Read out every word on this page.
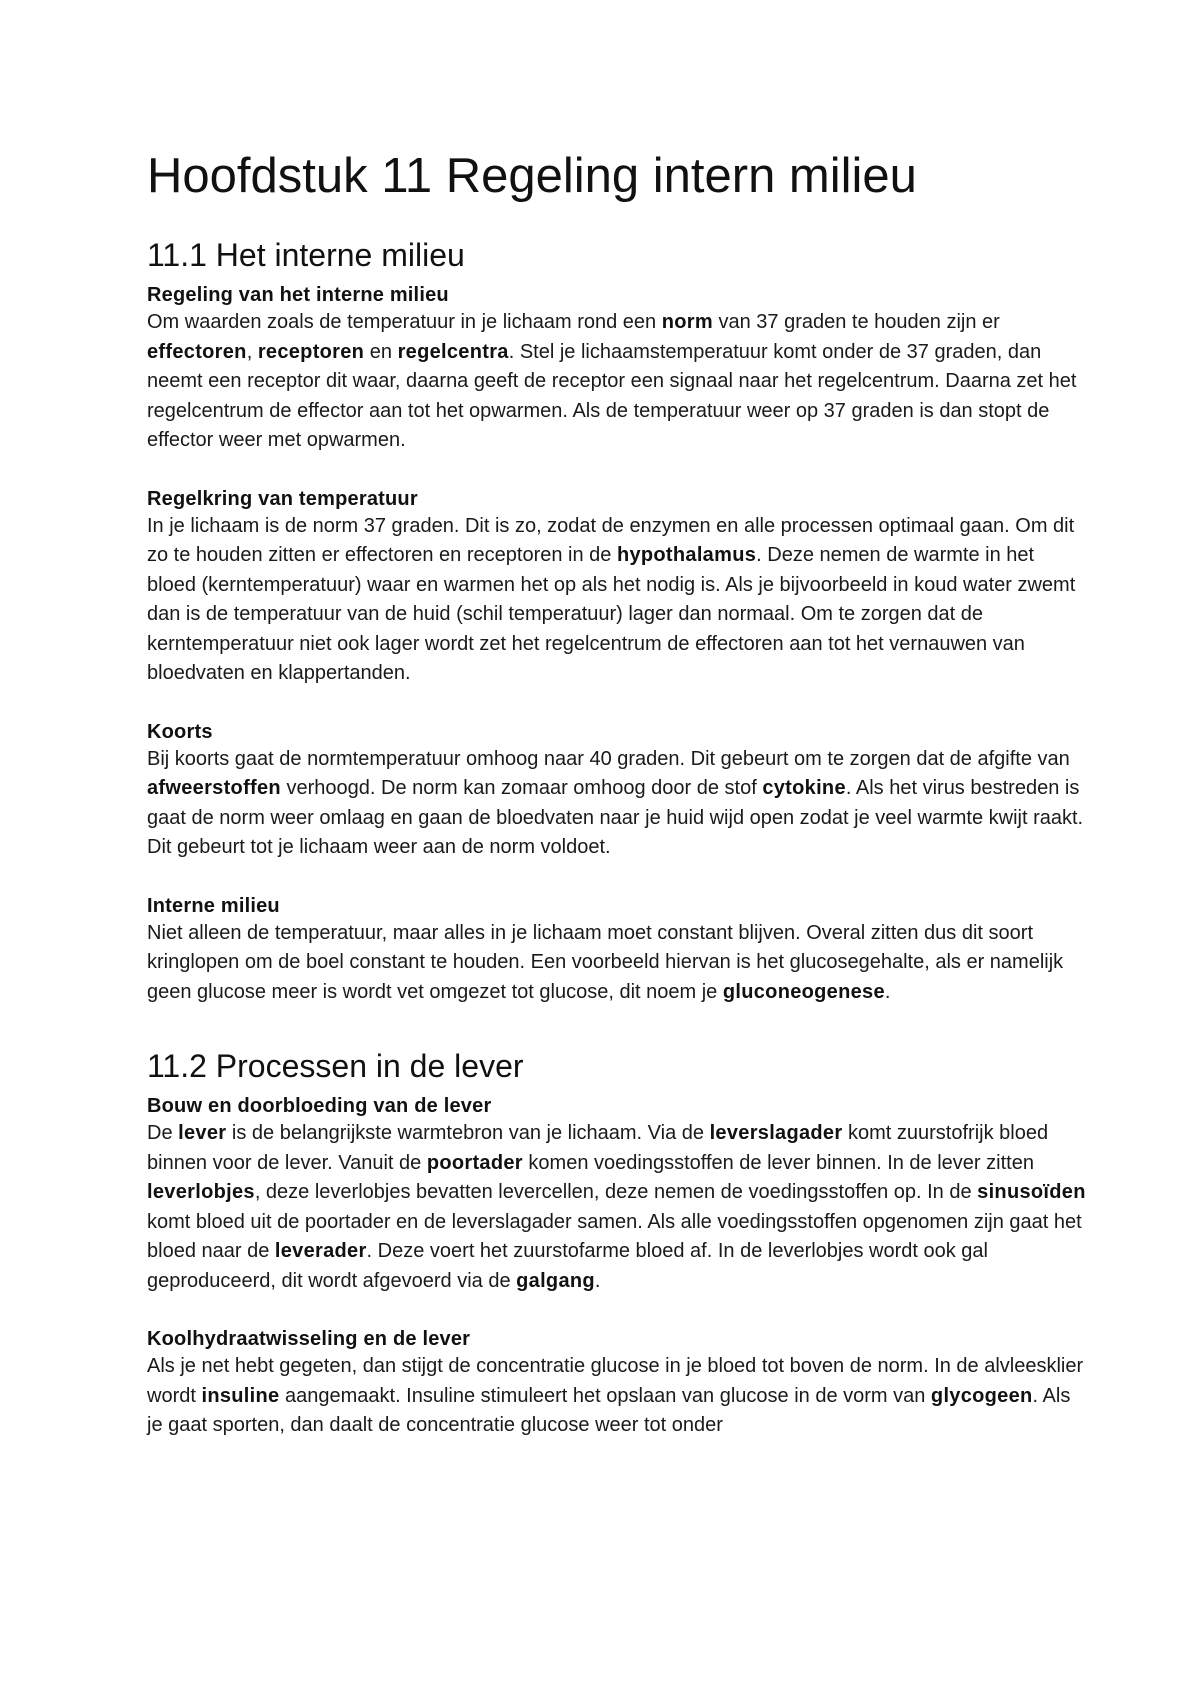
Hoofdstuk 11 Regeling intern milieu
11.1 Het interne milieu
Regeling van het interne milieu

Om waarden zoals de temperatuur in je lichaam rond een norm van 37 graden te houden zijn er effectoren, receptoren en regelcentra. Stel je lichaamstemperatuur komt onder de 37 graden, dan neemt een receptor dit waar, daarna geeft de receptor een signaal naar het regelcentrum. Daarna zet het regelcentrum de effector aan tot het opwarmen. Als de temperatuur weer op 37 graden is dan stopt de effector weer met opwarmen.

Regelkring van temperatuur

In je lichaam is de norm 37 graden. Dit is zo, zodat de enzymen en alle processen optimaal gaan. Om dit zo te houden zitten er effectoren en receptoren in de hypothalamus. Deze nemen de warmte in het bloed (kerntemperatuur) waar en warmen het op als het nodig is. Als je bijvoorbeeld in koud water zwemt dan is de temperatuur van de huid (schil temperatuur) lager dan normaal. Om te zorgen dat de kerntemperatuur niet ook lager wordt zet het regelcentrum de effectoren aan tot het vernauwen van bloedvaten en klappertanden.

Koorts

Bij koorts gaat de normtemperatuur omhoog naar 40 graden. Dit gebeurt om te zorgen dat de afgifte van afweerstoffen verhoogd. De norm kan zomaar omhoog door de stof cytokine. Als het virus bestreden is gaat de norm weer omlaag en gaan de bloedvaten naar je huid wijd open zodat je veel warmte kwijt raakt. Dit gebeurt tot je lichaam weer aan de norm voldoet.

Interne milieu

Niet alleen de temperatuur, maar alles in je lichaam moet constant blijven. Overal zitten dus dit soort kringlopen om de boel constant te houden. Een voorbeeld hiervan is het glucosegehalte, als er namelijk geen glucose meer is wordt vet omgezet tot glucose, dit noem je gluconeogenese.

11.2 Processen in de lever
Bouw en doorbloeding van de lever

De lever is de belangrijkste warmtebron van je lichaam. Via de leverslagader komt zuurstofrijk bloed binnen voor de lever. Vanuit de poortader komen voedingsstoffen de lever binnen. In de lever zitten leverlobjes, deze leverlobjes bevatten levercellen, deze nemen de voedingsstoffen op. In de sinusoïden komt bloed uit de poortader en de leverslagader samen. Als alle voedingsstoffen opgenomen zijn gaat het bloed naar de leverader. Deze voert het zuurstofarme bloed af. In de leverlobjes wordt ook gal geproduceerd, dit wordt afgevoerd via de galgang.

Koolhydraatwisseling en de lever

Als je net hebt gegeten, dan stijgt de concentratie glucose in je bloed tot boven de norm. In de alvleesklier wordt insuline aangemaakt. Insuline stimuleert het opslaan van glucose in de vorm van glycogeen. Als je gaat sporten, dan daalt de concentratie glucose weer tot onder
